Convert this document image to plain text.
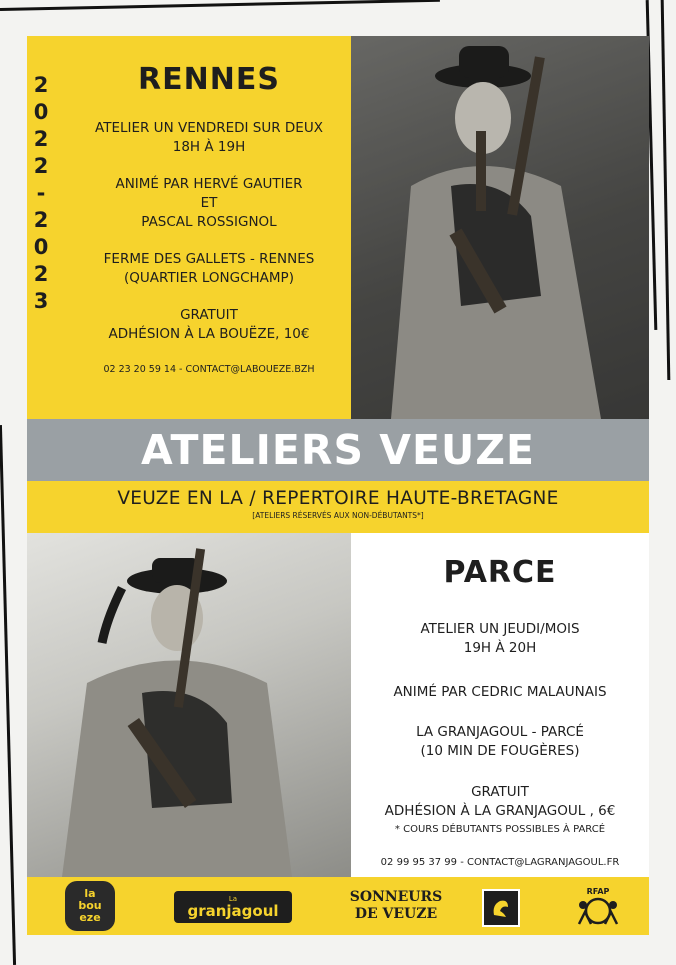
2
0
2
2
-
2
0
2
3
RENNES
ATELIER UN VENDREDI SUR DEUX
18H À 19H
ANIMÉ PAR HERVÉ GAUTIER
ET
PASCAL ROSSIGNOL
FERME DES GALLETS - RENNES
(QUARTIER LONGCHAMP)
GRATUIT
ADHÉSION À LA BOUËZE, 10€
02 23 20 59 14 - CONTACT@LABOUEZE.BZH
ATELIERS VEUZE
VEUZE EN LA / REPERTOIRE HAUTE-BRETAGNE
[ATELIERS RÉSERVÉS AUX NON-DÉBUTANTS*]
PARCE
ATELIER UN JEUDI/MOIS
19H À 20H
ANIMÉ PAR CEDRIC MALAUNAIS
LA GRANJAGOUL - PARCÉ
(10 MIN DE FOUGÈRES)
GRATUIT
ADHÉSION À LA GRANJAGOUL , 6€
* COURS DÉBUTANTS POSSIBLES À PARCÉ
02 99 95 37 99 - CONTACT@LAGRANJAGOUL.FR
la
bou
eze
La
granjagoul
SONNEURS
DE VEUZE
RFAP
